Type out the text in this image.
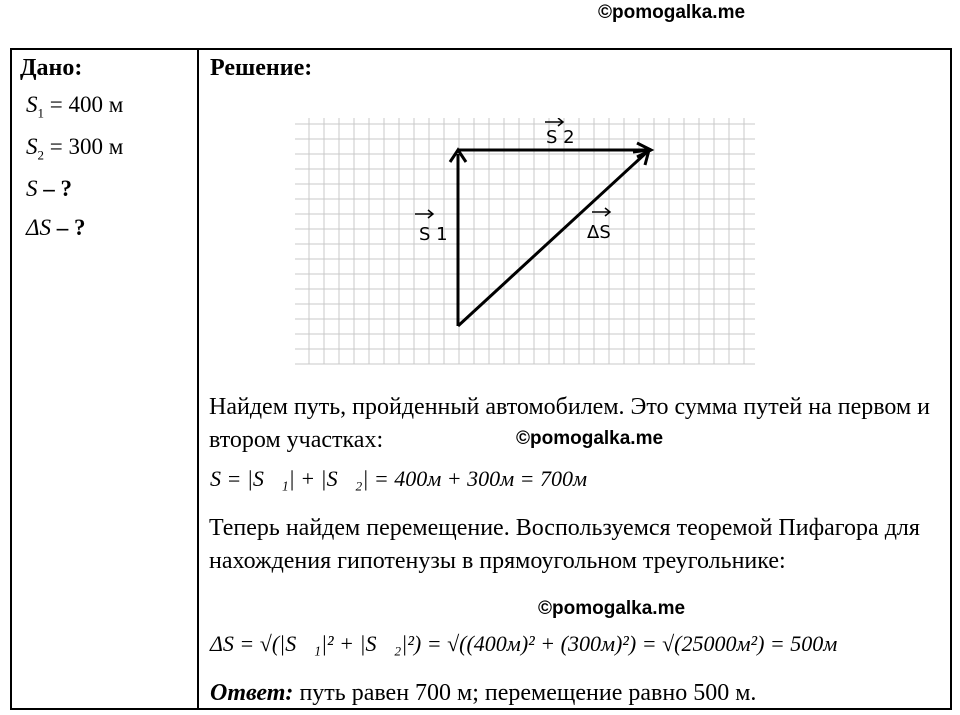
©pomogalka.me
Дано:
$S_1 = 400$ м
$S_2 = 300$ м
S – ?
ΔS – ?
Решение:
S 1
S 2
ΔS
Найдем путь, пройденный автомобилем. Это сумма путей на первом и втором участках:	©pomogalka.me
S = |S⃗₁| + |S⃗₂| = 400м + 300м = 700м
Теперь найдем перемещение. Воспользуемся теоремой Пифагора для нахождения гипотенузы в прямоугольном треугольнике:
©pomogalka.me
ΔS = √(|S⃗₁|² + |S⃗₂|²) = √((400м)² + (300м)²) = √(25000м²) = 500м
Ответ: путь равен 700 м; перемещение равно 500 м.
